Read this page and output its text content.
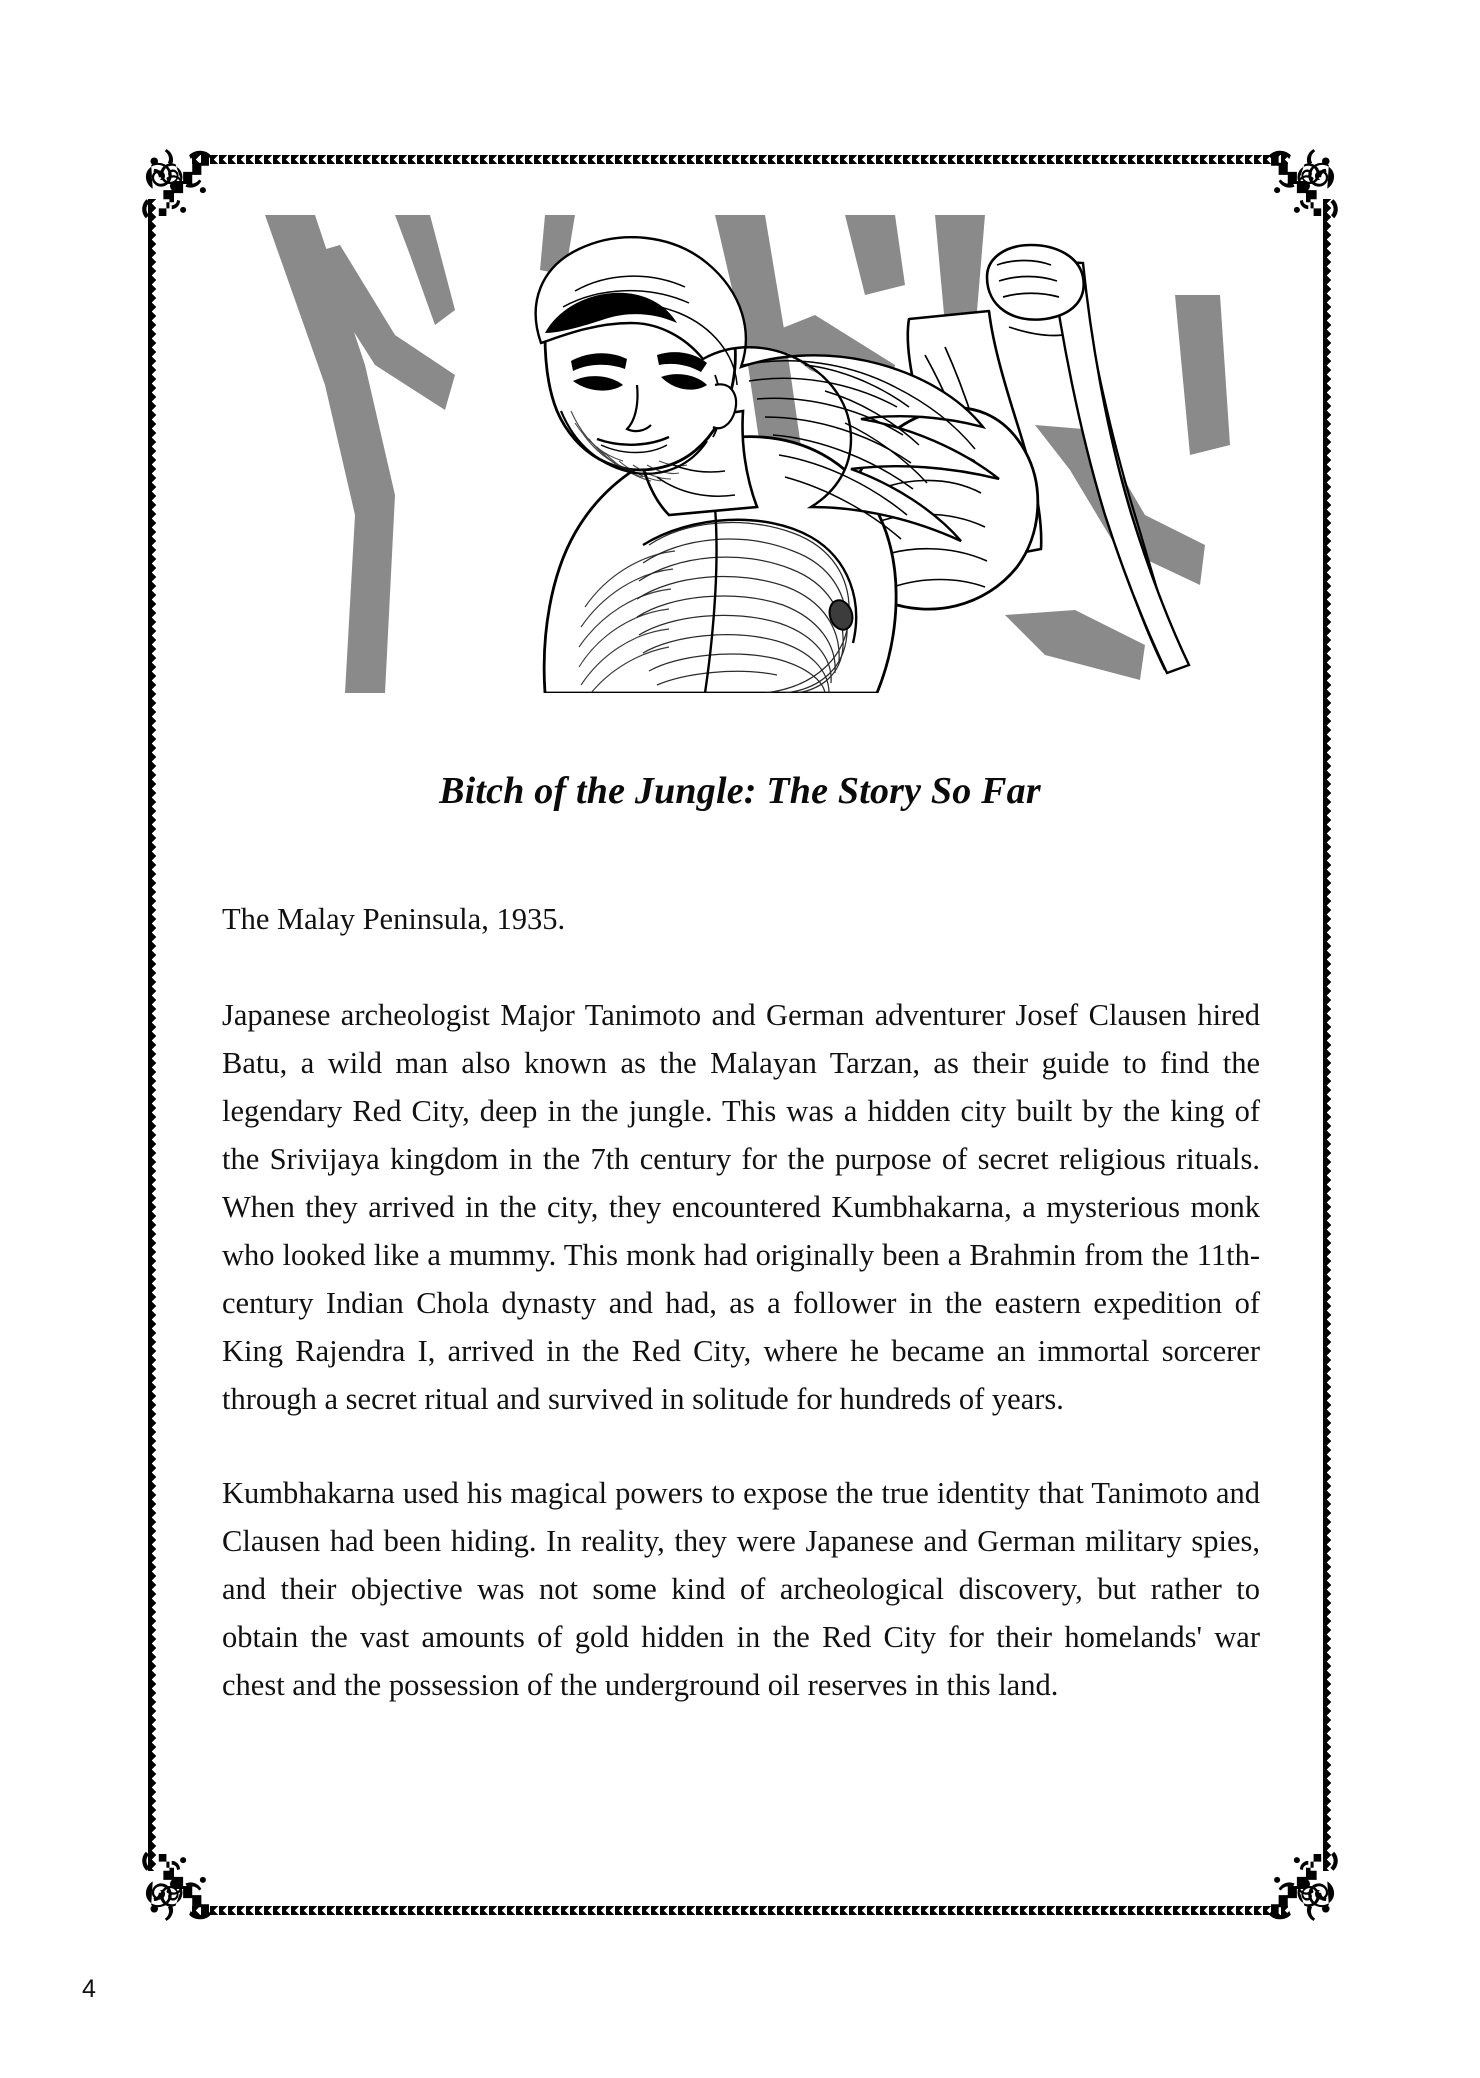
Bitch of the Jungle: The Story So Far

The Malay Peninsula, 1935.

Japanese archeologist Major Tanimoto and German adventurer Josef Clausen hired Batu, a wild man also known as the Malayan Tarzan, as their guide to find the legendary Red City, deep in the jungle. This was a hidden city built by the king of the Srivijaya kingdom in the 7th century for the purpose of secret religious rituals. When they arrived in the city, they encountered Kumbhakarna, a mysterious monk who looked like a mummy. This monk had originally been a Brahmin from the 11th-century Indian Chola dynasty and had, as a follower in the eastern expedition of King Rajendra I, arrived in the Red City, where he became an immortal sorcerer through a secret ritual and survived in solitude for hundreds of years.

Kumbhakarna used his magical powers to expose the true identity that Tanimoto and Clausen had been hiding. In reality, they were Japanese and German military spies, and their objective was not some kind of archeological discovery, but rather to obtain the vast amounts of gold hidden in the Red City for their homelands' war chest and the possession of the underground oil reserves in this land.

4
